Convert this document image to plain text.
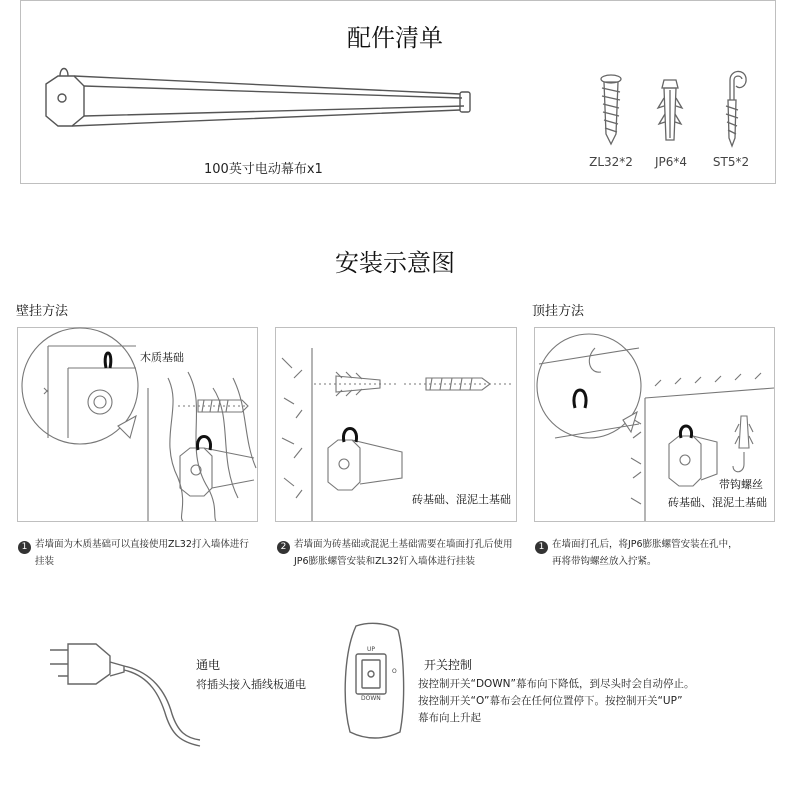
配件清单
100英寸电动幕布x1	ZL32*2	JP6*4	ST5*2
安装示意图
壁挂方法	顶挂方法
木质基础
砖基础、混泥土基础
带钩螺丝
砖基础、混泥土基础
1 若墙面为木质基础可以直接使用ZL32打入墙体进行
挂装
2 若墙面为砖基础或混泥土基础需要在墙面打孔后使用
JP6膨胀螺管安装和ZL32钉入墙体进行挂装
1 在墙面打孔后，将JP6膨胀螺管安装在孔中，
再将带钩螺丝放入拧紧。
通电
将插头接入插线板通电
UP
O
DOWN
开关控制
按控制开关“DOWN”幕布向下降低，到尽头时会自动停止。
按控制开关“O”幕布会在任何位置停下。按控制开关“UP”
幕布向上升起
